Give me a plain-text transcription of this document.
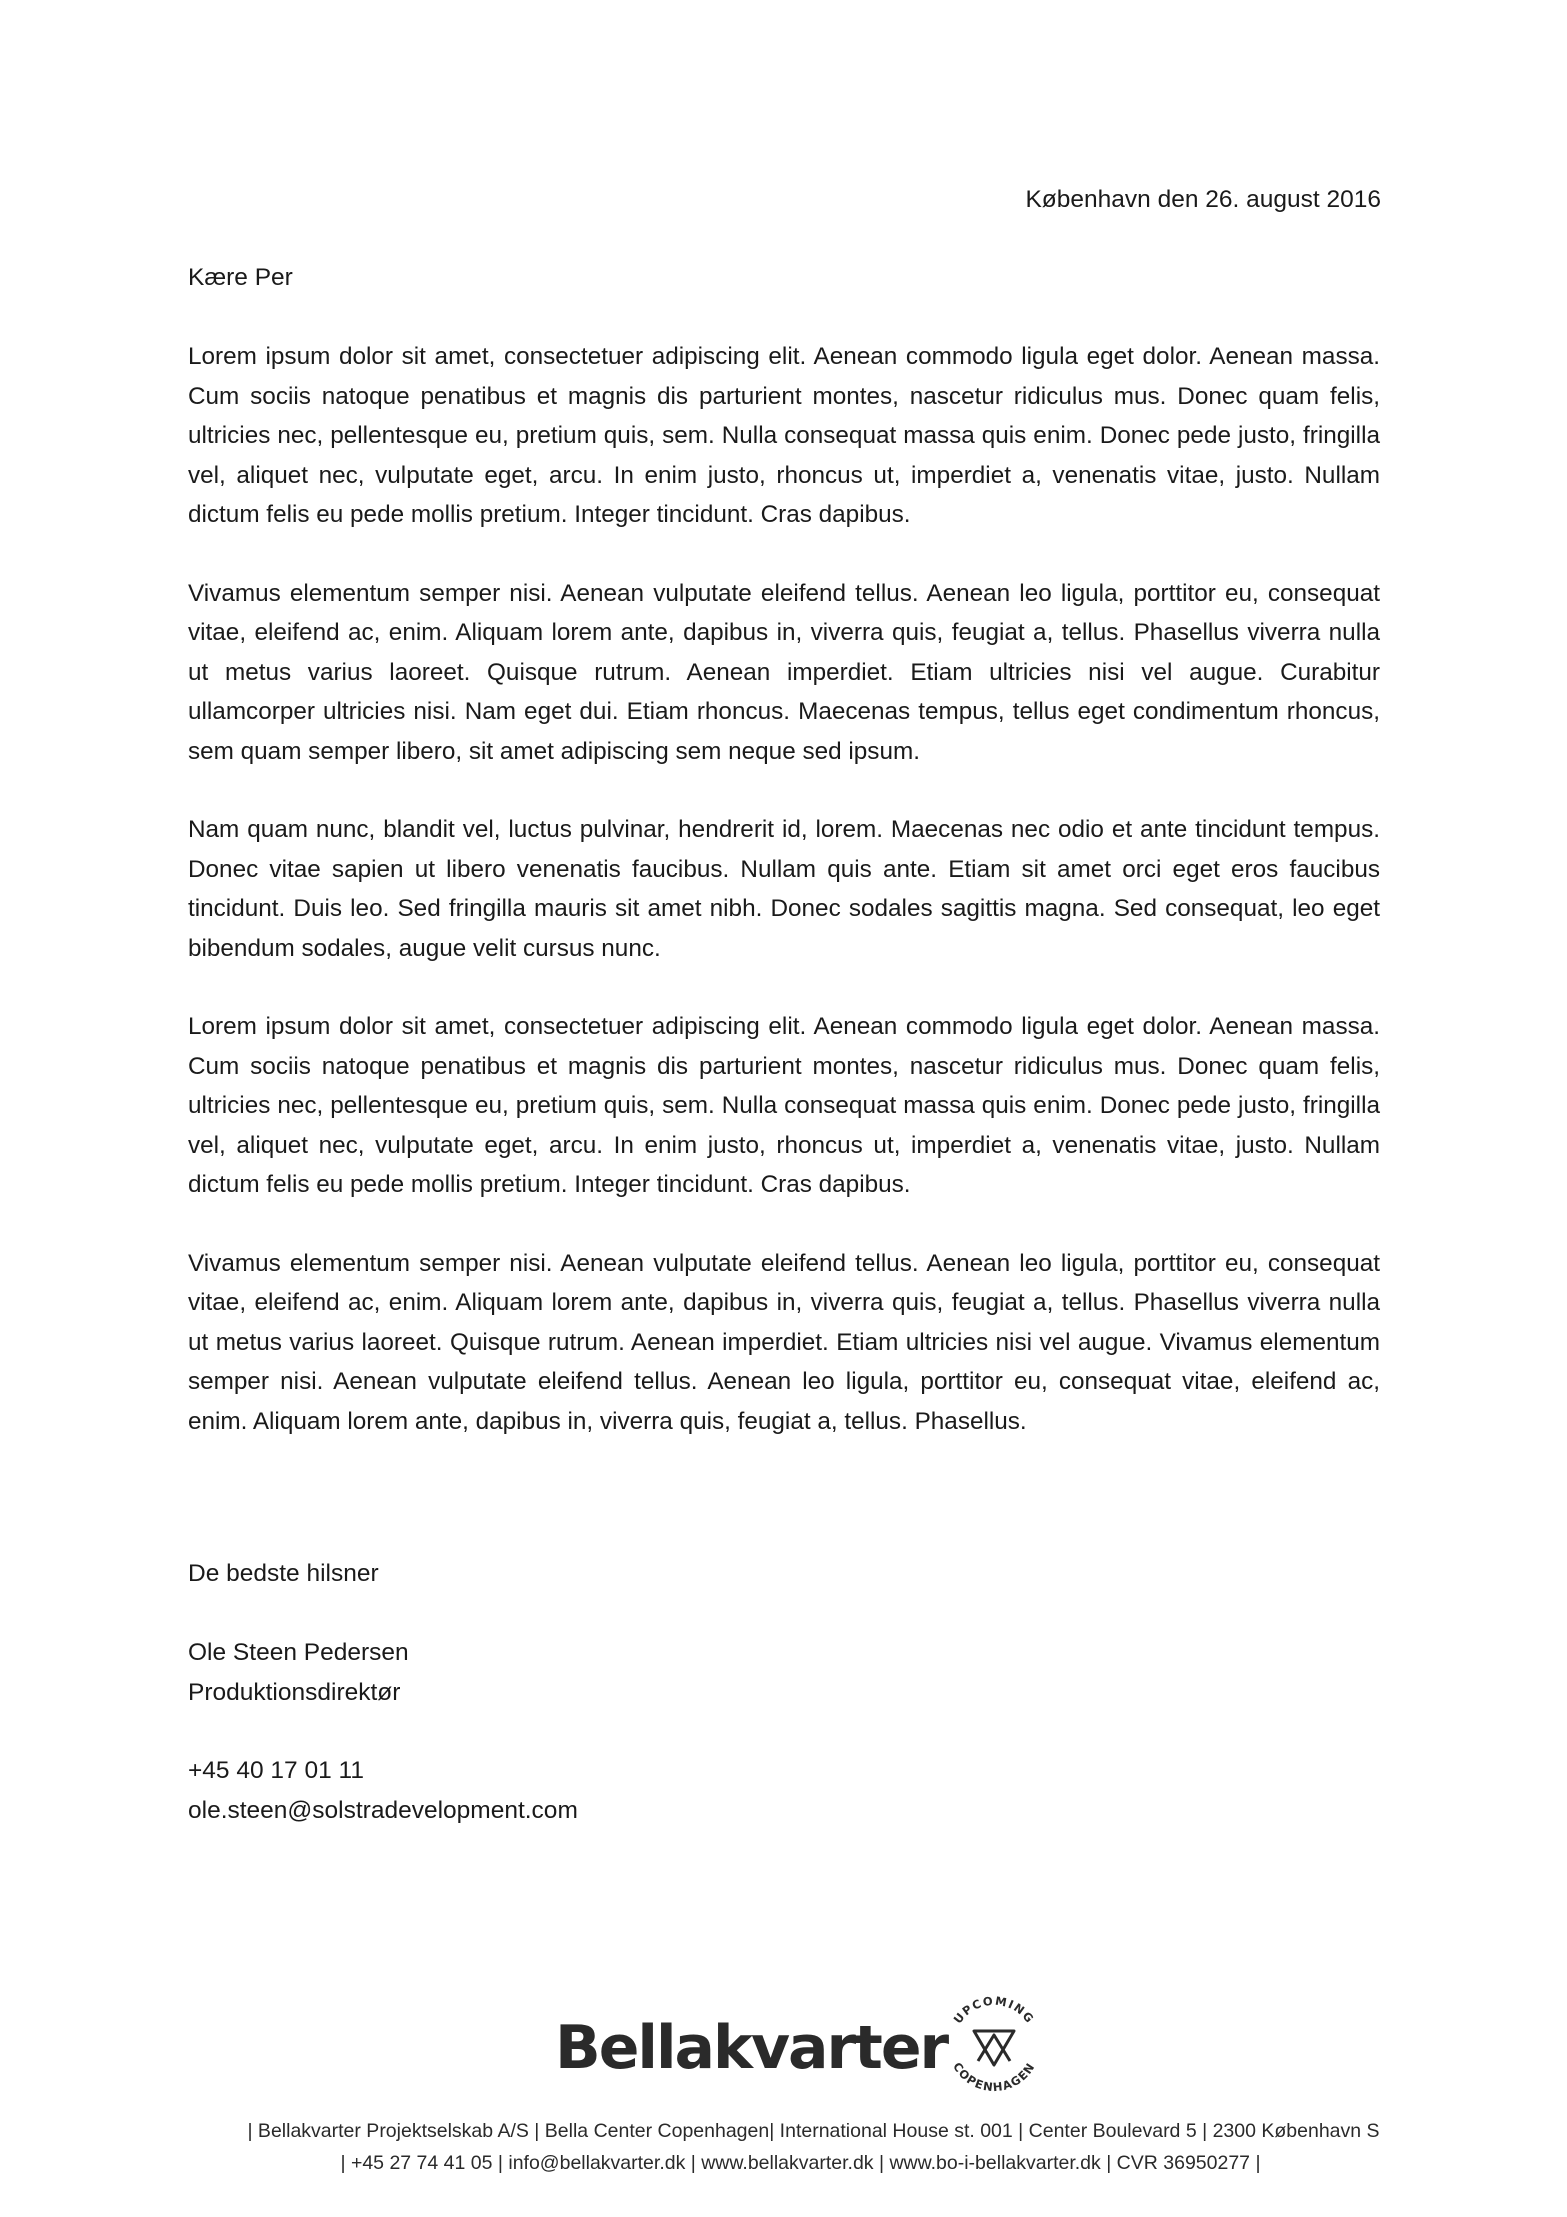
København den 26. august 2016

Kære Per

Lorem ipsum dolor sit amet, consectetuer adipiscing elit. Aenean commodo ligula eget dolor. Aenean massa. Cum sociis natoque penatibus et magnis dis parturient montes, nascetur ridiculus mus. Donec quam felis, ultricies nec, pellentesque eu, pretium quis, sem. Nulla consequat massa quis enim. Donec pede justo, fringilla vel, aliquet nec, vulputate eget, arcu. In enim justo, rhoncus ut, imperdiet a, venenatis vitae, justo. Nullam dictum felis eu pede mollis pretium. Integer tincidunt. Cras dapibus.

Vivamus elementum semper nisi. Aenean vulputate eleifend tellus. Aenean leo ligula, porttitor eu, consequat vitae, eleifend ac, enim. Aliquam lorem ante, dapibus in, viverra quis, feugiat a, tellus. Phasellus viverra nulla ut metus varius laoreet. Quisque rutrum. Aenean imperdiet. Etiam ultricies nisi vel augue. Curabitur ullamcorper ultricies nisi. Nam eget dui. Etiam rhoncus. Maecenas tempus, tellus eget condimentum rhoncus, sem quam semper libero, sit amet adipiscing sem neque sed ipsum.

Nam quam nunc, blandit vel, luctus pulvinar, hendrerit id, lorem. Maecenas nec odio et ante tincidunt tempus. Donec vitae sapien ut libero venenatis faucibus. Nullam quis ante. Etiam sit amet orci eget eros faucibus tincidunt. Duis leo. Sed fringilla mauris sit amet nibh. Donec sodales sagittis magna. Sed consequat, leo eget bibendum sodales, augue velit cursus nunc.

Lorem ipsum dolor sit amet, consectetuer adipiscing elit. Aenean commodo ligula eget dolor. Aenean massa. Cum sociis natoque penatibus et magnis dis parturient montes, nascetur ridiculus mus. Donec quam felis, ultricies nec, pellentesque eu, pretium quis, sem. Nulla consequat massa quis enim. Donec pede justo, fringilla vel, aliquet nec, vulputate eget, arcu. In enim justo, rhoncus ut, imperdiet a, venenatis vitae, justo. Nullam dictum felis eu pede mollis pretium. Integer tincidunt. Cras dapibus.

Vivamus elementum semper nisi. Aenean vulputate eleifend tellus. Aenean leo ligula, porttitor eu, consequat vitae, eleifend ac, enim. Aliquam lorem ante, dapibus in, viverra quis, feugiat a, tellus. Phasellus viverra nulla ut metus varius laoreet. Quisque rutrum. Aenean imperdiet. Etiam ultricies nisi vel augue. Vivamus elementum semper nisi. Aenean vulputate eleifend tellus. Aenean leo ligula, porttitor eu, consequat vitae, eleifend ac, enim. Aliquam lorem ante, dapibus in, viverra quis, feugiat a, tellus. Phasellus.

De bedste hilsner

Ole Steen Pedersen
Produktionsdirektør
+45 40 17 01 11
ole.steen@solstradevelopment.com
Bellakvarter UPCOMING
COPENHAGEN
| Bellakvarter Projektselskab A/S | Bella Center Copenhagen| International House st. 001 | Center Boulevard 5 | 2300 København S
| +45 27 74 41 05 | info@bellakvarter.dk | www.bellakvarter.dk | www.bo-i-bellakvarter.dk | CVR 36950277 |
